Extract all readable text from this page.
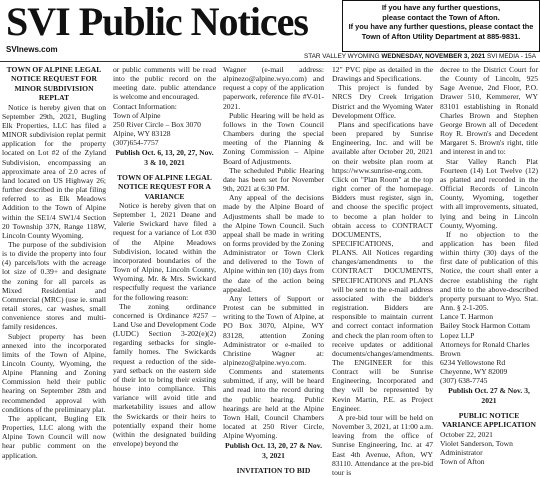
SVI Public Notices
SVInews.com
If you have any further questions,
please contact the Town of Afton.
If you have any further questions, please contact the
Town of Afton Utility Department at 885-9831.
STAR VALLEY WYOMING WEDNESDAY, NOVEMBER 3, 2021 SVI MEDIA - 15A
TOWN OF ALPINE LEGAL NOTICE REQUEST FOR MINOR SUBDIVISION REPLAT

Notice is hereby given that on September 29th, 2021, Bugling Elk Properties, LLC has filed a MINOR subdivision replat permit application for the property located on Lot #2 of the Zyland Subdivision, encompassing an approximate area of 2.0 acres of land located on US Highway 26; further described in the plat filing referred to as Elk Meadows Addition to the Town of Alpine within the SE1/4 SW1/4 Section 20 Township 37N, Range 118W, Lincoln County Wyoming.

The purpose of the subdivision is to divide the property into four (4) parcels/lots with the acreage lot size of 0.39+ and designate the zoning for all parcels as Mixed Residential and Commercial (MRC) (use ie. small retail stores, car washes, small convenience stores and multi-family residences.

Subject property has been annexed into the incorporated limits of the Town of Alpine, Lincoln County, Wyoming, the Alpine Planning and Zoning Commission held their public hearing on September 28th and recommended approval with conditions of the preliminary plat.

The applicant, Bugling Elk Properties, LLC along with the Alpine Town Council will now hear public comment on the application.

or public comments will be read into the public record on the meeting date. public attendance is welcome and encouraged.

Contact Information:
Town of Alpine
250 River Circle – Box 3070
Alpine, WY 83128
(307)654-7757
Publish Oct. 6, 13, 20, 27, Nov. 3 & 10, 2021
TOWN OF ALPINE LEGAL NOTICE REQUEST FOR A VARIANCE

Notice is hereby given that on September 1, 2021 Deane and Valerie Swickard have filed a request for a variance of Lot #30 of the Alpine Meadows Subdivision, located within the incorporated boundaries of the Town of Alpine, Lincoln County, Wyoming. Mr. & Mrs. Swickard respectfully request the variance for the following reason:

The zoning ordinance concerned is Ordinance #257 – Land Use and Development Code (LUDC) Section 3-202(e)(2) regarding setbacks for single-family homes. The Swickards request a reduction of the side-yard setback on the eastern side of their lot to bring their existing house into compliance. This variance will avoid title and marketability issues and allow the Swickards or their heirs to potentially expand their home (within the designated building envelope) beyond the

Wagner (e-mail address: alpinezo@alpine.wyo.com) and request a copy of the application paperwork, reference file #V-01-2021.

Public Hearing will be held as follows in the Town Council Chambers during the special meeting of the Planning & Zoning Commission – Alpine Board of Adjustments.

The scheduled Public Hearing date has been set for November 9th, 2021 at 6:30 PM.

Any appeal of the decisions made by the Alpine Board of Adjustments shall be made to the Alpine Town Council. Such appeal shall be made in writing on forms provided by the Zoning Administrator or Town Clerk and delivered to the Town of Alpine within ten (10) days from the date of the action being appealed.

Any letters of Support or Protest can be submitted in writing to the Town of Alpine, at PO Box 3070, Alpine, WY 83128, attention Zoning Administrator or e-mailed to Christine Wagner at: alpinezo@alpine.wyo.com.

Comments and statements submitted, if any, will be heard and read into the record during the public hearing. Public hearings are held at the Alpine Town Hall, Council Chambers located at 250 River Circle, Alpine Wyoming.

Publish Oct. 13, 20, 27 & Nov. 3, 2021
INVITATION TO BID

12" PVC pipe as detailed in the Drawings and Specifications.

This project is funded by NRCS Dry Creek Irrigation District and the Wyoming Water Development Office.

Plans and specifications have been prepared by Sunrise Engineering, Inc. and will be available after October 20, 2021 on their website plan room at https://www.sunrise-eng.com. Click on "Plan Room" at the top right corner of the homepage. Bidders must register, sign in, and choose the specific project to become a plan holder to obtain access to CONTRACT DOCUMENTS, SPECIFICATIONS, and PLANS. All Notices regarding changes/amendments to the CONTRACT DOCUMENTS, SPECIFICATIONS and PLANS will be sent to the e-mail address associated with the bidder's registration. Bidders are responsible to maintain current and correct contact information and check the plan room often to receive updates or additional documents/changes/amendments. The ENGINEER for this Contract will be Sunrise Engineering, Incorporated and they will be represented by Kevin Martin, P.E. as Project Engineer.

A pre-bid tour will be held on November 3, 2021, at 11:00 a.m. leaving from the office of Sunrise Engineering, Inc. at 47 East 4th Avenue, Afton, WY 83110. Attendance at the pre-bid tour is

decree to the District Court for the County of Lincoln, 925 Sage Avenue, 2nd Floor, P.O. Drawer 510, Kemmerer, WY 83101 establishing in Ronald Charles Brown and Stephen George Brown all of Decedent Roy R. Brown's and Decedent Margaret S. Brown's right, title and interest in and to:

Star Valley Ranch Plat Fourteen (14) Lot Twelve (12) as platted and recorded in the Official Records of Lincoln County, Wyoming, together with all improvements, situated, lying and being in Lincoln County, Wyoming.

If no objection to the application has been filed within thirty (30) days of the first date of publication of this Notice, the court shall enter a decree establishing the right and title to the above-described property pursuant to Wyo. Stat. Ann. § 2-1-205.

Lance T. Harmon
Bailey Stock Harmon Cottam Lopez LLP
Attorneys for Ronald Charles Brown
6234 Yellowstone Rd
Cheyenne, WY 82009
(307) 638-7745
Publish Oct. 27 & Nov. 3, 2021
PUBLIC NOTICE VARIANCE APPLICATION

October 22, 2021

Violet Sanderson, Town Administrator
Town of Afton
